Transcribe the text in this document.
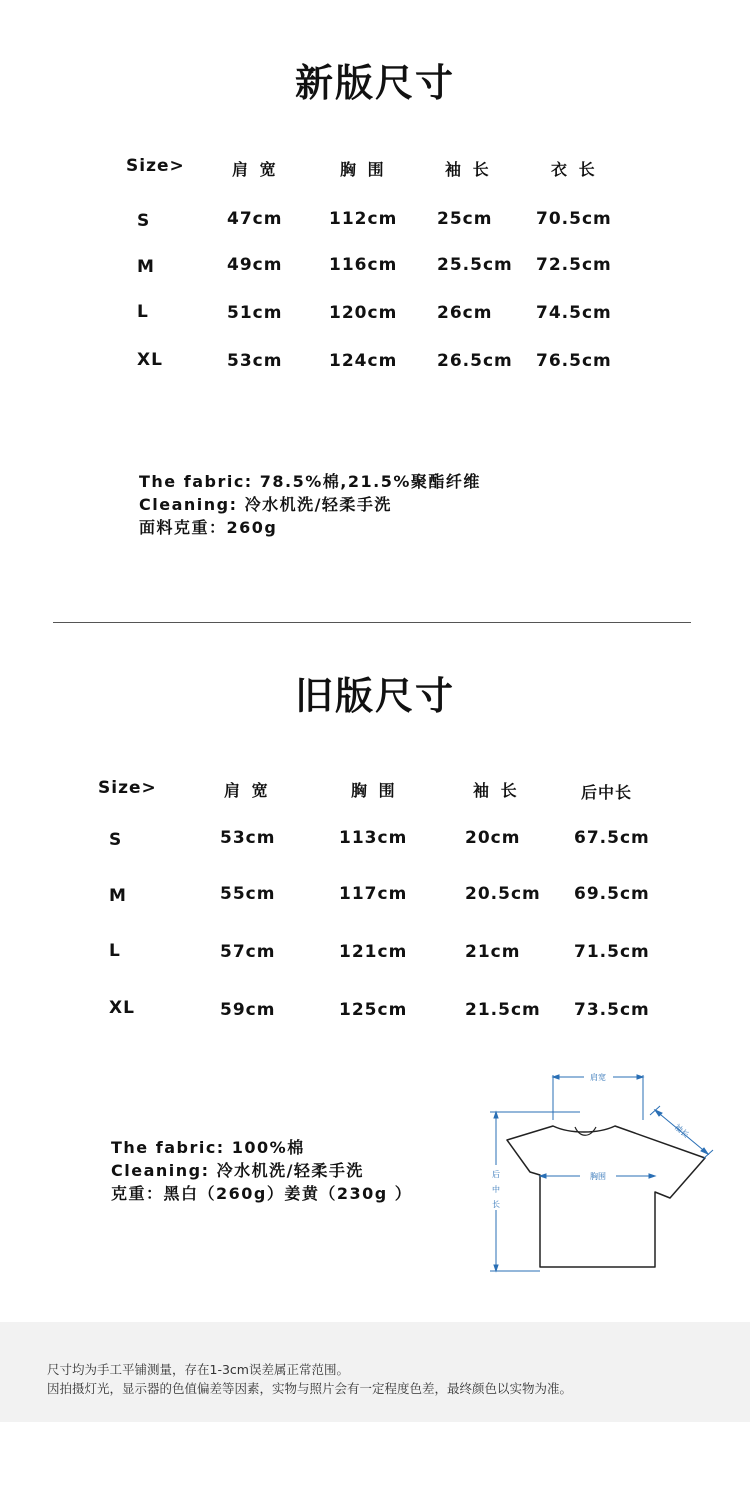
新版尺寸
Size>	肩 宽	胸 围	袖 长	衣 长
S	47cm	112cm 25cm	70.5cm
M	49cm	116cm 25.5cm 72.5cm
L	51cm	120cm 26cm	74.5cm
XL	53cm	124cm 26.5cm 76.5cm
The fabric: 78.5%棉,21.5%聚酯纤维
Cleaning: 冷水机洗/轻柔手洗
面料克重：260g
旧版尺寸
Size>	肩 宽	胸 围	袖 长	后中长
S	53cm	113cm	20cm	67.5cm
M	55cm	117cm	20.5cm 69.5cm
L	57cm	121cm	21cm	71.5cm
XL	59cm	125cm	21.5cm 73.5cm
The fabric: 100%棉
Cleaning: 冷水机洗/轻柔手洗
克重：黑白（260g）姜黄（230g ）
肩宽
胸围
后
中
长
袖长
尺寸均为手工平铺测量，存在1-3cm误差属正常范围。
因拍摄灯光，显示器的色值偏差等因素，实物与照片会有一定程度色差，最终颜色以实物为准。
